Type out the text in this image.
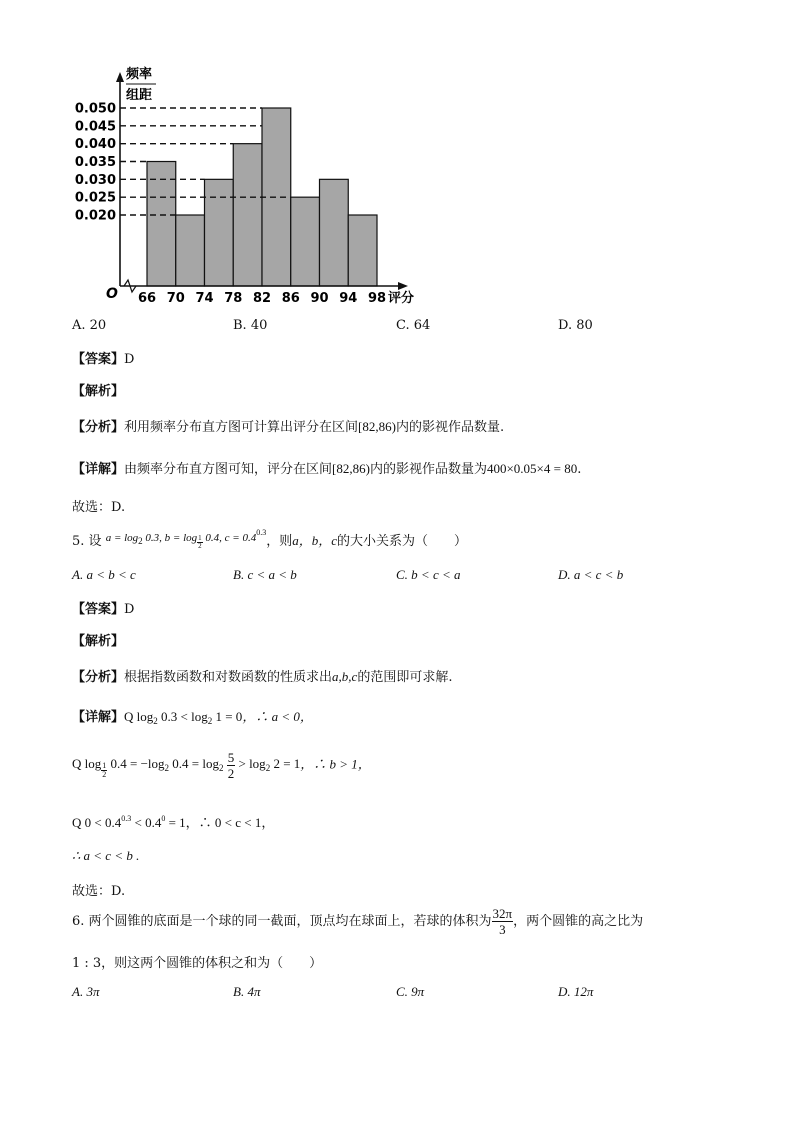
0.050
0.045
0.040
0.035
0.030
0.025
0.020
66 70 74 78 82 86 90 94 98
频率
组距
评分
O
A. 20	B. 40	C. 64	D. 80
【答案】D
【解析】
【分析】利用频率分布直方图可计算出评分在区间[82,86)内的影视作品数量.
【详解】由频率分布直方图可知，评分在区间[82,86)内的影视作品数量为400×0.05×4 = 80.
故选：D.
5. 设 $^{a = log_2 0.3, b = log \frac{1}{2} 0.4, c = 0.4^{0.3}}$，则a，b，c的大小关系为（　　）
A. a < b < c	B. c < a < b	C. b < c < a	D. a < c < b
【答案】D
【解析】
【分析】根据指数函数和对数函数的性质求出a,b,c的范围即可求解.
【详解】Q $\log_2 0.3 < \log_2 1 = 0$，∴ a < 0，
Q $\log \frac{1}{2} 0.4 = -\log_2$ $0.4 = \log_2 \frac{5}{2} > \log_2 2 = 1$，∴ b > 1，
Q $0 < 0.4^{0.3} < 0.4^0 = 1$，∴ 0 < c < 1，
∴ a < c < b .
故选：D.
6. 两个圆锥的底面是一个球的同一截面，顶点均在球面上，若球的体积为 $\frac{32\pi}{3}$ ，两个圆锥的高之比为
1 : 3，则这两个圆锥的体积之和为（　　）
A. 3π	B. 4π	C. 9π	D. 12π
